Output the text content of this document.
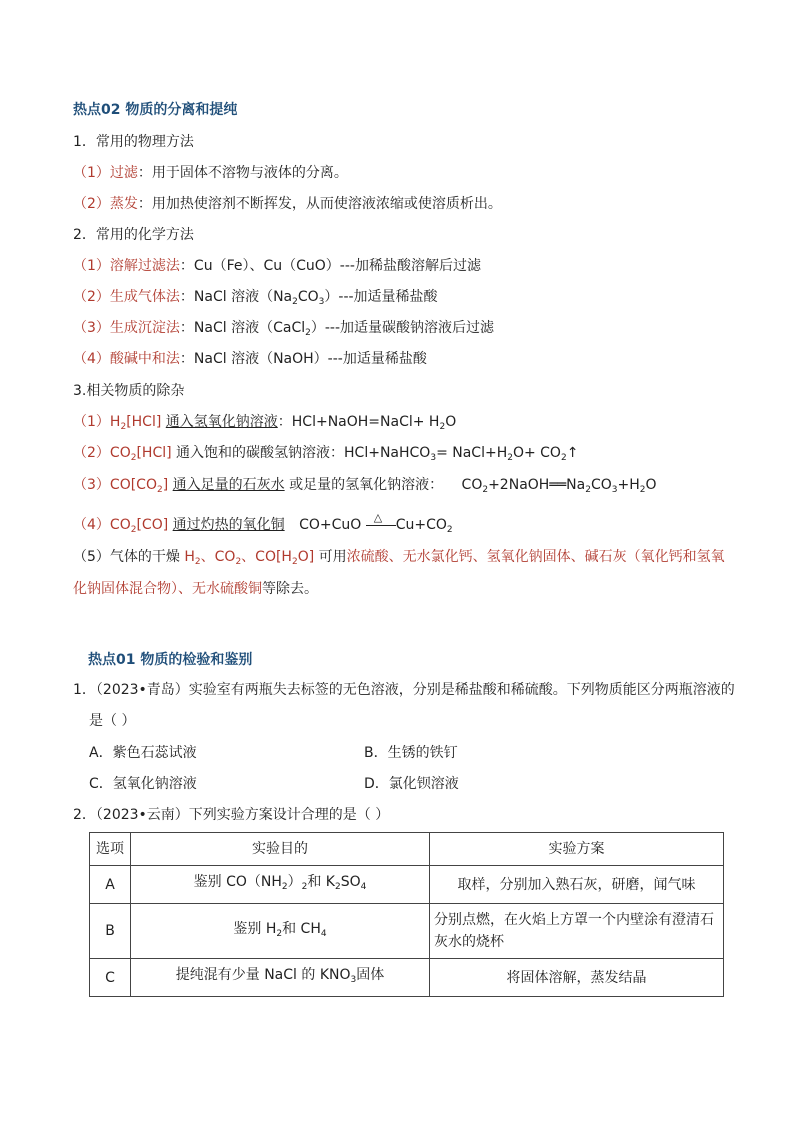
热点02 物质的分离和提纯
1．常用的物理方法
（1）过滤：用于固体不溶物与液体的分离。
（2）蒸发：用加热使溶剂不断挥发，从而使溶液浓缩或使溶质析出。
2．常用的化学方法
（1）溶解过滤法：Cu（Fe）、Cu（CuO）---加稀盐酸溶解后过滤
（2）生成气体法：NaCl 溶液$(Na_2CO_3)---$加适量稀盐酸
（3）生成沉淀法：NaCl 溶液（CaCl$_2$）---加适量碳酸钠溶液后过滤
（4）酸碱中和法：NaCl 溶液（NaOH）---加适量稀盐酸
3.相关物质的除杂
$(1)H_2[HCl]$ 通入氢氧化钠溶液：HCl+NaOH=NaCl+ $H_2O$
$(2)CO_2[HCl]$ 通入饱和的碳酸氢钠溶液：HCl+NaHCO$_3$= $NaCl+H_2O+$ $CO_2↑$
$(3)CO[CO_2]$ 通入足量的石灰水 或足量的氢氧化钠溶液： $CO_2+2NaOH══Na_2CO_3+H_2O$
$(4)CO_2[CO]$ 通过灼热的氧化铜 CO+CuO △ $Cu+CO_2$
（5）气体的干燥 $H_2$、$CO_2$、$CO[H_2O]$ 可用浓硫酸、无水氯化钙、氢氧化钠固体、碱石灰（氧化钙和氢氧
化钠固体混合物）、无水硫酸铜等除去。
热点01 物质的检验和鉴别
1．（2023•青岛）实验室有两瓶失去标签的无色溶液，分别是稀盐酸和稀硫酸。下列物质能区分两瓶溶液的
是（ ）
A．紫色石蕊试液	B．生锈的铁钉
C．氢氧化钠溶液	D．氯化钡溶液
2．（2023•云南）下列实验方案设计合理的是（ ）
选项	实验目的	实验方案
A	鉴别 $CO(NH_2)_2$和 $K_2SO_4$	取样，分别加入熟石灰，研磨，闻气味
B	鉴别 $H_2$和 $CH_4$	分别点燃，在火焰上方罩一个内壁涂有澄清石灰水的烧杯
C	提纯混有少量 NaCl 的 $KNO_3$固体	将固体溶解，蒸发结晶
